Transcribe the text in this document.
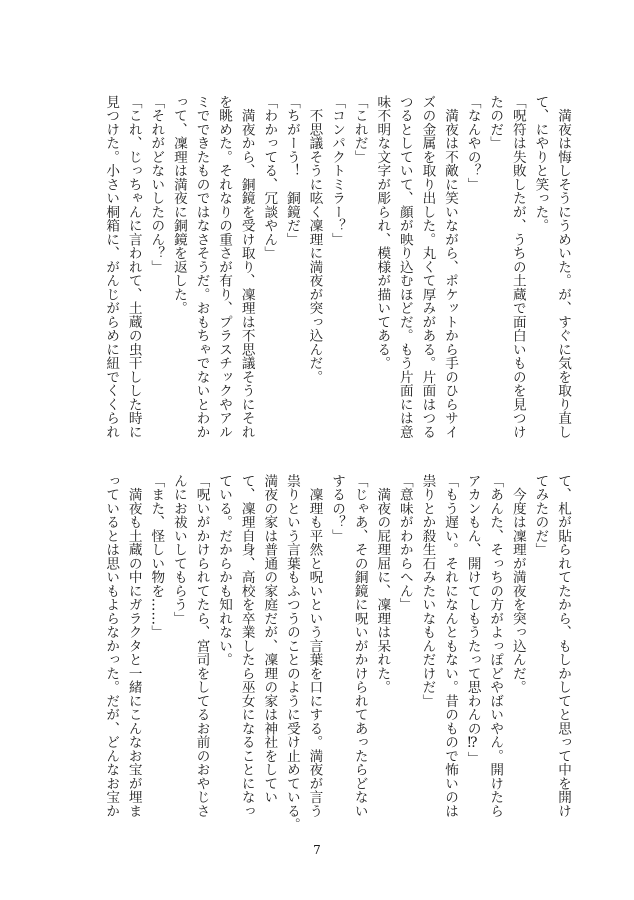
　満夜は悔しそうにうめいた。が、すぐに気を取り直し
て、にやりと笑った。
「呪符は失敗したが、うちの土蔵で面白いものを見つけ
たのだ」
「なんやの？」
　満夜は不敵に笑いながら、ポケットから手のひらサイ
ズの金属を取り出した。丸くて厚みがある。片面はつる
つるとしていて、顔が映り込むほどだ。もう片面には意
味不明な文字が彫られ、模様が描いてある。
「これだ」
「コンパクトミラー？」
　不思議そうに呟く凜理に満夜が突っ込んだ。
「ちがーう！　銅鏡だ」
「わかってる、冗談やん」
　満夜から、銅鏡を受け取り、凜理は不思議そうにそれ
を眺めた。それなりの重さが有り、プラスチックやアル
ミでできたものではなさそうだ。おもちゃでないとわか
って、凜理は満夜に銅鏡を返した。
「それがどないしたのん？」
「これ、じっちゃんに言われて、土蔵の虫干しした時に
見つけた。小さい桐箱に、がんじがらめに紐でくくられ
て、札が貼られてたから、もしかしてと思って中を開け
てみたのだ」
　今度は凜理が満夜を突っ込んだ。
「あんた、そっちの方がよっぽどやばいやん。開けたら
アカンもん、開けてしもうたって思わんの⁉」
「もう遅い。それになんともない。昔のもので怖いのは
祟りとか殺生石みたいなもんだけだ」
「意味がわからへん」
　満夜の屁理屈に、凜理は呆れた。
「じゃあ、その銅鏡に呪いがかけられてあったらどない
するの？」
　凜理も平然と呪いという言葉を口にする。満夜が言う
祟りという言葉もふつうのことのように受け止めている。
満夜の家は普通の家庭だが、凜理の家は神社をしてい
て、凜理自身、高校を卒業したら巫女になることになっ
ている。だからかも知れない。
「呪いがかけられてたら、宮司をしてるお前のおやじさ
んにお祓いしてもらう」
「また、怪しい物を……」
　満夜も土蔵の中にガラクタと一緒にこんなお宝が埋ま
っているとは思いもよらなかった。だが、どんなお宝か
7
